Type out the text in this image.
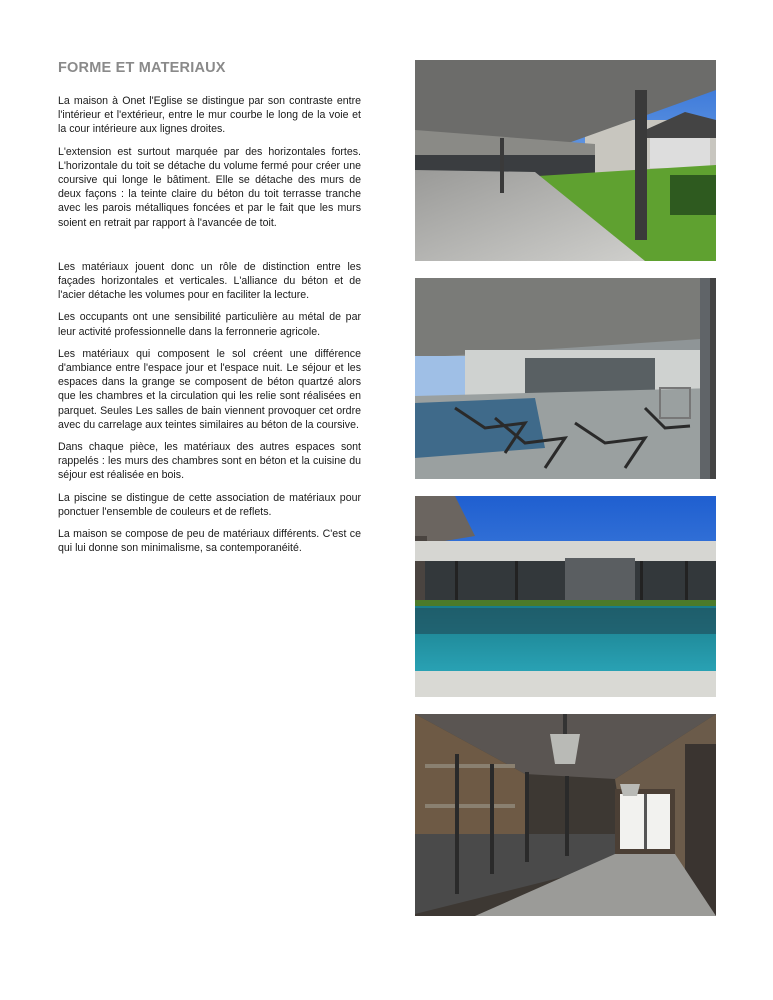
FORME ET MATERIAUX

La maison à Onet l'Eglise se distingue par son contraste entre l'intérieur et l'extérieur, entre le mur courbe le long de la voie et la cour intérieure aux lignes droites.

L'extension est surtout marquée par des horizontales fortes. L'horizontale du toit se détache du volume fermé pour créer une coursive qui longe le bâtiment. Elle se détache des murs de deux façons : la teinte claire du béton du toit terrasse tranche avec les parois métalliques foncées et par le fait que les murs soient en retrait par rapport à l'avancée de toit.

Les matériaux jouent donc un rôle de distinction entre les façades horizontales et verticales. L'alliance du béton et de l'acier détache les volumes pour en faciliter la lecture.

Les occupants ont une sensibilité particulière au métal de par leur activité professionnelle dans la ferronnerie agricole.

Les matériaux qui composent le sol créent une différence d'ambiance entre l'espace jour et l'espace nuit. Le séjour et les espaces dans la grange se composent de béton quartzé alors que les chambres et la circulation qui les relie sont réalisées en parquet. Seules Les salles de bain viennent provoquer cet ordre avec du carrelage aux teintes similaires au béton de la coursive.

Dans chaque pièce, les matériaux des autres espaces sont rappelés : les murs des chambres sont en béton et la cuisine du séjour est réalisée en bois.

La piscine se distingue de cette association de matériaux pour ponctuer l'ensemble de couleurs et de reflets.

La maison se compose de peu de matériaux différents. C'est ce qui lui donne son minimalisme, sa contemporanéité.
